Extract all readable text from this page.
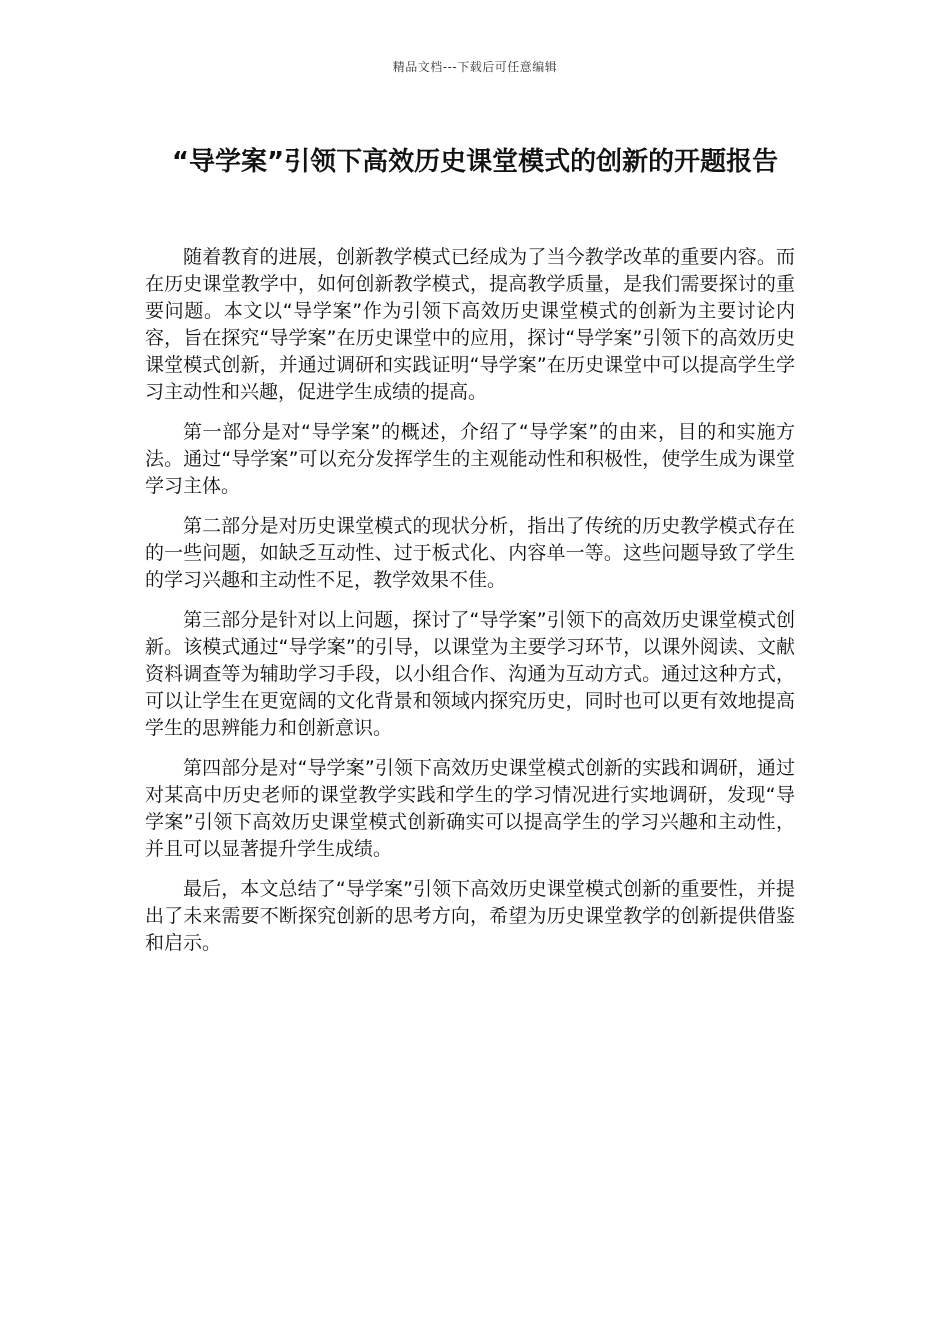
精品文档---下载后可任意编辑
“导学案”引领下高效历史课堂模式的创新的开题报告

随着教育的进展，创新教学模式已经成为了当今教学改革的重要内容。而在历史课堂教学中，如何创新教学模式，提高教学质量，是我们需要探讨的重要问题。本文以“导学案”作为引领下高效历史课堂模式的创新为主要讨论内容，旨在探究“导学案”在历史课堂中的应用，探讨“导学案”引领下的高效历史课堂模式创新，并通过调研和实践证明“导学案”在历史课堂中可以提高学生学习主动性和兴趣，促进学生成绩的提高。

第一部分是对“导学案”的概述，介绍了“导学案”的由来，目的和实施方法。通过“导学案”可以充分发挥学生的主观能动性和积极性，使学生成为课堂学习主体。

第二部分是对历史课堂模式的现状分析，指出了传统的历史教学模式存在的一些问题，如缺乏互动性、过于板式化、内容单一等。这些问题导致了学生的学习兴趣和主动性不足，教学效果不佳。

第三部分是针对以上问题，探讨了“导学案”引领下的高效历史课堂模式创新。该模式通过“导学案”的引导，以课堂为主要学习环节，以课外阅读、文献资料调查等为辅助学习手段，以小组合作、沟通为互动方式。通过这种方式，可以让学生在更宽阔的文化背景和领域内探究历史，同时也可以更有效地提高学生的思辨能力和创新意识。

第四部分是对“导学案”引领下高效历史课堂模式创新的实践和调研，通过对某高中历史老师的课堂教学实践和学生的学习情况进行实地调研，发现“导学案”引领下高效历史课堂模式创新确实可以提高学生的学习兴趣和主动性，并且可以显著提升学生成绩。

最后，本文总结了“导学案”引领下高效历史课堂模式创新的重要性，并提出了未来需要不断探究创新的思考方向，希望为历史课堂教学的创新提供借鉴和启示。
